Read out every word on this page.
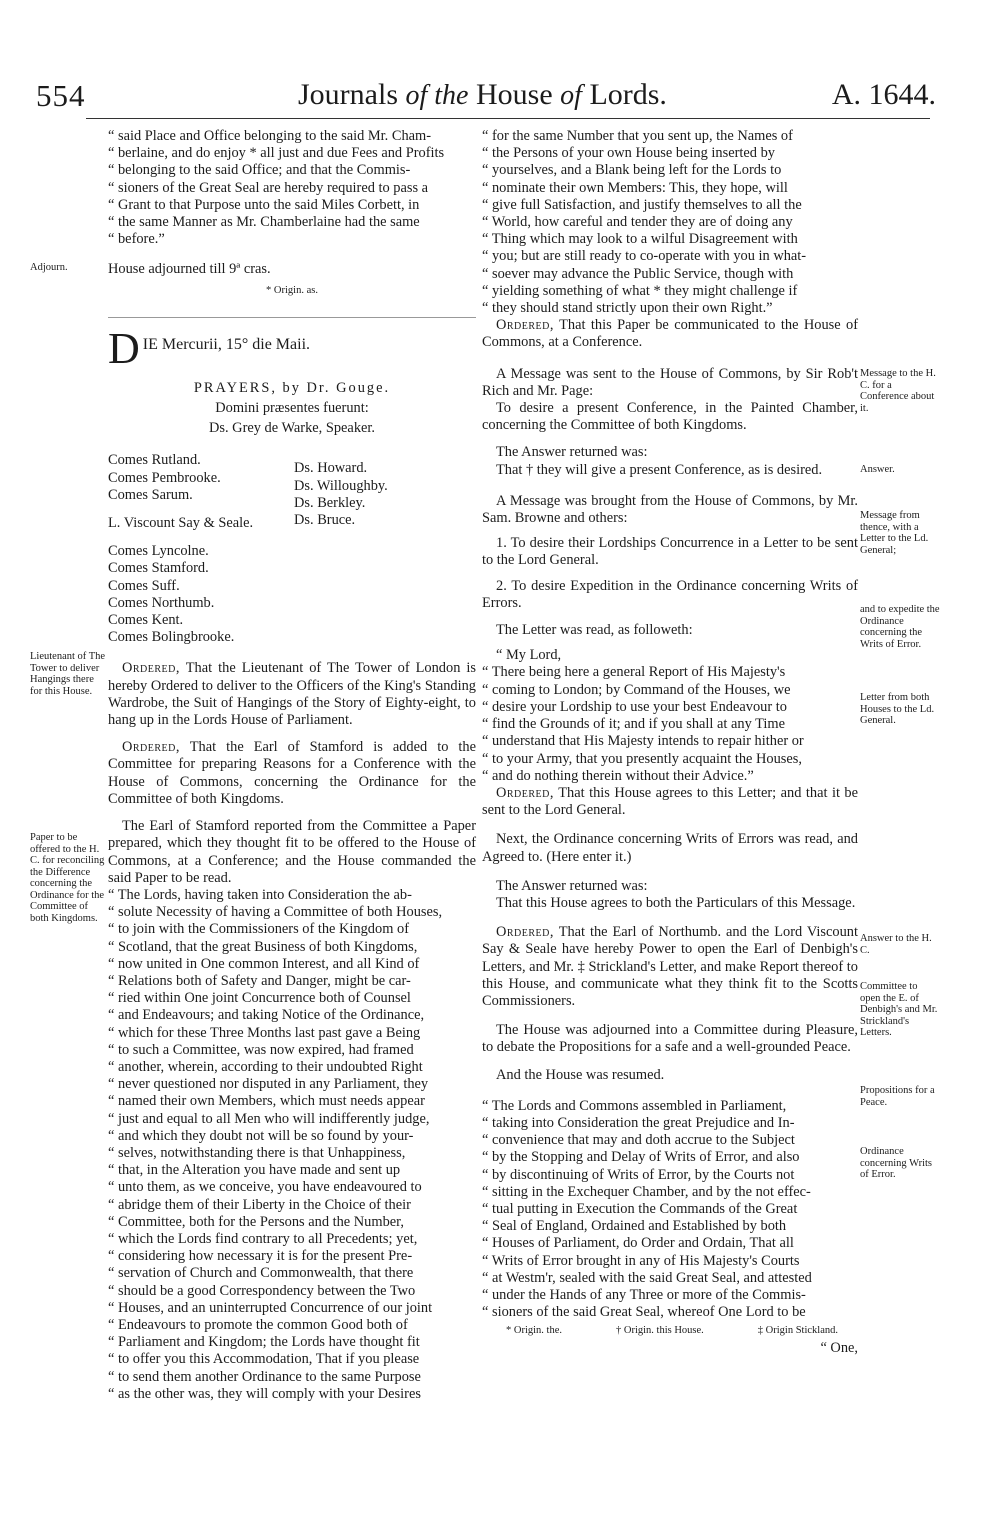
554	Journals of the House of Lords.	A. 1644.
Adjourn.
Lieutenant of The Tower to deliver Hangings there for this House.
Paper to be offered to the H. C. for reconciling the Difference concerning the Ordinance for the Committee of both Kingdoms.
Message to the H. C. for a Conference about it.
Answer.
Message from thence, with a Letter to the Ld. General;
and to expedite the Ordinance concerning the Writs of Error.
Letter from both Houses to the Ld. General.
Answer to the H. C.
Committee to open the E. of Denbigh's and Mr. Strickland's Letters.
Propositions for a Peace.
Ordinance concerning Writs of Error.
“ said Place and Office belonging to the said Mr. Cham-
“ berlaine, and do enjoy * all just and due Fees and Profits
“ belonging to the said Office; and that the Commis-
“ sioners of the Great Seal are hereby required to pass a
“ Grant to that Purpose unto the said Miles Corbett, in
“ the same Manner as Mr. Chamberlaine had the same
“ before.”

House adjourned till 9ª cras.

* Origin. as.

D IE Mercurii, 15° die Maii.

PRAYERS, by Dr. Gouge.

Domini præsentes fuerunt:

Ds. Grey de Warke, Speaker.

Comes Rutland.
Comes Pembrooke.
Comes Sarum.
L. Viscount Say & Seale.
Comes Lyncolne.
Comes Stamford.
Comes Suff.
Comes Northumb.
Comes Kent.
Comes Bolingbrooke.
Ds. Howard.
Ds. Willoughby.
Ds. Berkley.
Ds. Bruce.

Ordered, That the Lieutenant of The Tower of London is hereby Ordered to deliver to the Officers of the King's Standing Wardrobe, the Suit of Hangings of the Story of Eighty-eight, to hang up in the Lords House of Parliament.

Ordered, That the Earl of Stamford is added to the Committee for preparing Reasons for a Conference with the House of Commons, concerning the Ordinance for the Committee of both Kingdoms.

The Earl of Stamford reported from the Committee a Paper prepared, which they thought fit to be offered to the House of Commons, at a Conference; and the House commanded the said Paper to be read.

“ The Lords, having taken into Consideration the ab-
“ solute Necessity of having a Committee of both Houses,
“ to join with the Commissioners of the Kingdom of
“ Scotland, that the great Business of both Kingdoms,
“ now united in One common Interest, and all Kind of
“ Relations both of Safety and Danger, might be car-
“ ried within One joint Concurrence both of Counsel
“ and Endeavours; and taking Notice of the Ordinance,
“ which for these Three Months last past gave a Being
“ to such a Committee, was now expired, had framed
“ another, wherein, according to their undoubted Right
“ never questioned nor disputed in any Parliament, they
“ named their own Members, which must needs appear
“ just and equal to all Men who will indifferently judge,
“ and which they doubt not will be so found by your-
“ selves, notwithstanding there is that Unhappiness,
“ that, in the Alteration you have made and sent up
“ unto them, as we conceive, you have endeavoured to
“ abridge them of their Liberty in the Choice of their
“ Committee, both for the Persons and the Number,
“ which the Lords find contrary to all Precedents; yet,
“ considering how necessary it is for the present Pre-
“ servation of Church and Commonwealth, that there
“ should be a good Correspondency between the Two
“ Houses, and an uninterrupted Concurrence of our joint
“ Endeavours to promote the common Good both of
“ Parliament and Kingdom; the Lords have thought fit
“ to offer you this Accommodation, That if you please
“ to send them another Ordinance to the same Purpose
“ as the other was, they will comply with your Desires
“ for the same Number that you sent up, the Names of
“ the Persons of your own House being inserted by
“ yourselves, and a Blank being left for the Lords to
“ nominate their own Members: This, they hope, will
“ give full Satisfaction, and justify themselves to all the
“ World, how careful and tender they are of doing any
“ Thing which may look to a wilful Disagreement with
“ you; but are still ready to co-operate with you in what-
“ soever may advance the Public Service, though with
“ yielding something of what * they might challenge if
“ they should stand strictly upon their own Right.”

Ordered, That this Paper be communicated to the House of Commons, at a Conference.

A Message was sent to the House of Commons, by Sir Rob't Rich and Mr. Page:

To desire a present Conference, in the Painted Chamber, concerning the Committee of both Kingdoms.

The Answer returned was:

That † they will give a present Conference, as is desired.

A Message was brought from the House of Commons, by Mr. Sam. Browne and others:

1. To desire their Lordships Concurrence in a Letter to be sent to the Lord General.

2. To desire Expedition in the Ordinance concerning Writs of Errors.

The Letter was read, as followeth:

“ My Lord,

“ There being here a general Report of His Majesty's
“ coming to London; by Command of the Houses, we
“ desire your Lordship to use your best Endeavour to
“ find the Grounds of it; and if you shall at any Time
“ understand that His Majesty intends to repair hither or
“ to your Army, that you presently acquaint the Houses,
“ and do nothing therein without their Advice.”

Ordered, That this House agrees to this Letter; and that it be sent to the Lord General.

Next, the Ordinance concerning Writs of Errors was read, and Agreed to. (Here enter it.)

The Answer returned was:

That this House agrees to both the Particulars of this Message.

Ordered, That the Earl of Northumb. and the Lord Viscount Say & Seale have hereby Power to open the Earl of Denbigh's Letters, and Mr. ‡ Strickland's Letter, and make Report thereof to this House, and communicate what they think fit to the Scotts Commissioners.

The House was adjourned into a Committee during Pleasure, to debate the Propositions for a safe and a well-grounded Peace.

And the House was resumed.

“ The Lords and Commons assembled in Parliament,
“ taking into Consideration the great Prejudice and In-
“ convenience that may and doth accrue to the Subject
“ by the Stopping and Delay of Writs of Error, and also
“ by discontinuing of Writs of Error, by the Courts not
“ sitting in the Exchequer Chamber, and by the not effec-
“ tual putting in Execution the Commands of the Great
“ Seal of England, Ordained and Established by both
“ Houses of Parliament, do Order and Ordain, That all
“ Writs of Error brought in any of His Majesty's Courts
“ at Westm'r, sealed with the said Great Seal, and attested
“ under the Hands of any Three or more of the Commis-
“ sioners of the said Great Seal, whereof One Lord to be
* Origin. the.	† Origin. this House.	‡ Origin Stickland.

“ One,
